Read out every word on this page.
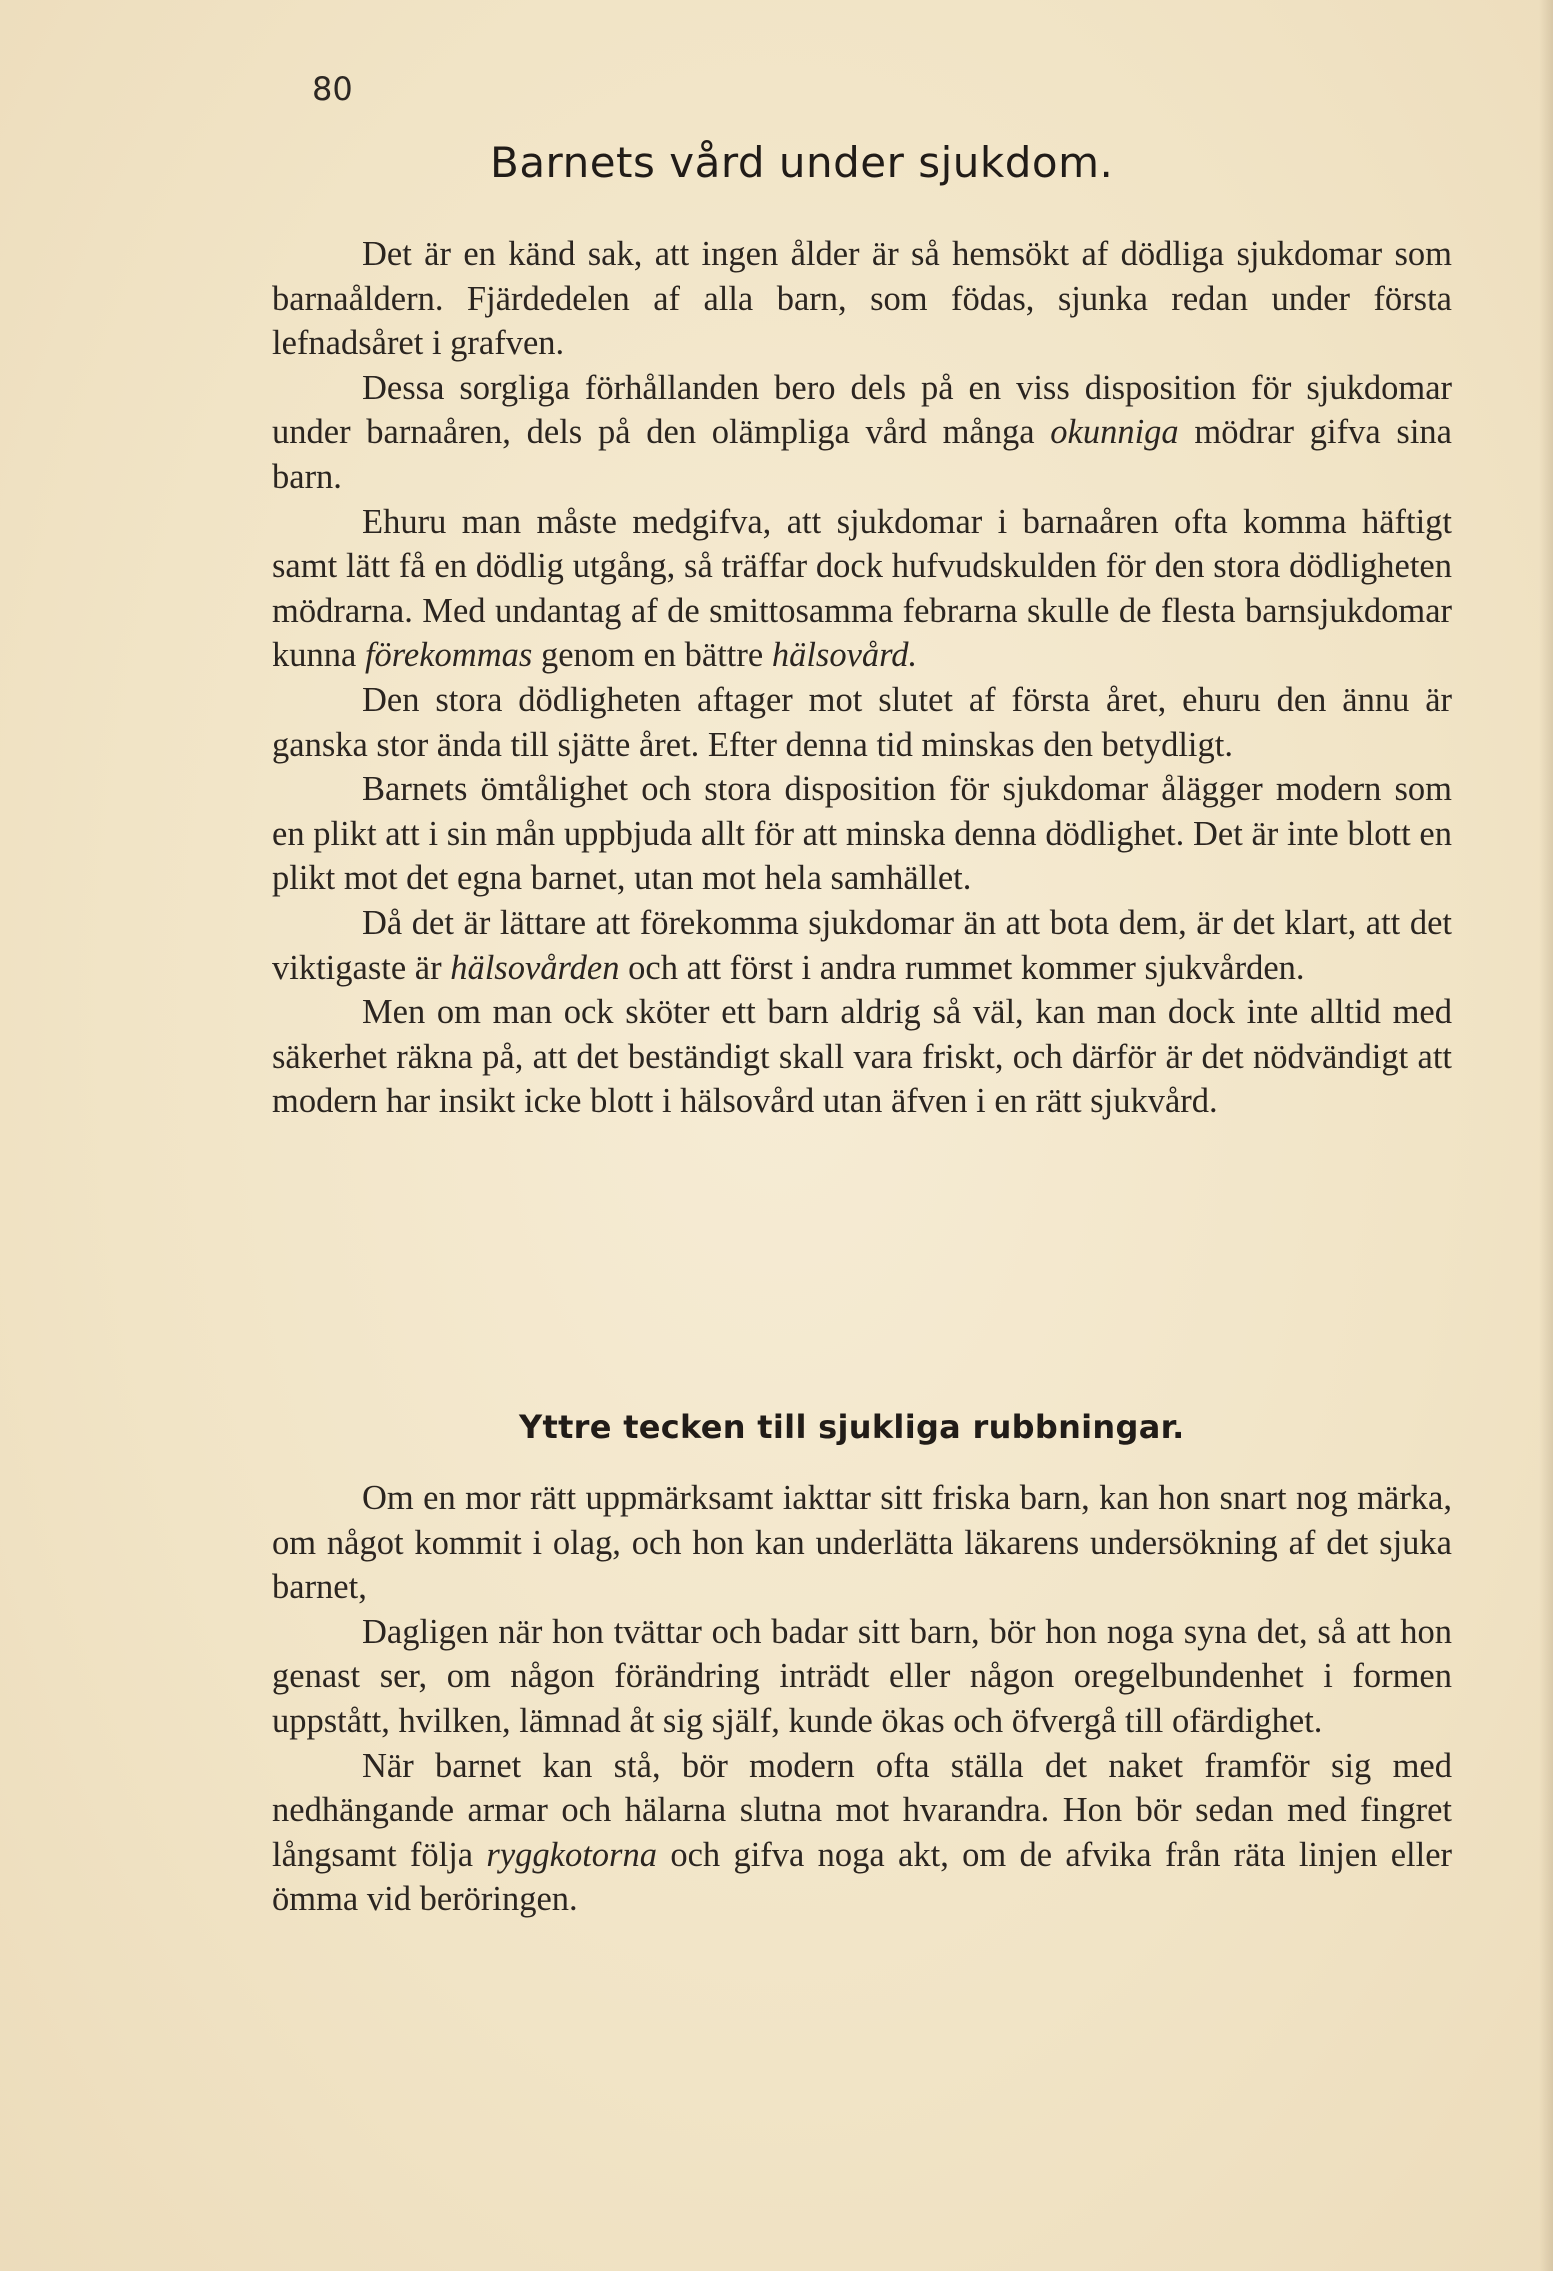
80
Barnets vård under sjukdom.

Det är en känd sak, att ingen ålder är så hemsökt af dödliga sjukdomar som barnaåldern. Fjärdedelen af alla barn, som födas, sjunka redan under första lefnadsåret i grafven.

Dessa sorgliga förhållanden bero dels på en viss disposition för sjukdomar under barnaåren, dels på den olämpliga vård många okunniga mödrar gifva sina barn.

Ehuru man måste medgifva, att sjukdomar i barnaåren ofta komma häftigt samt lätt få en dödlig utgång, så träffar dock hufvudskulden för den stora dödligheten mödrarna. Med undantag af de smittosamma febrarna skulle de flesta barnsjukdomar kunna förekommas genom en bättre hälsovård.

Den stora dödligheten aftager mot slutet af första året, ehuru den ännu är ganska stor ända till sjätte året. Efter denna tid minskas den betydligt.

Barnets ömtålighet och stora disposition för sjukdomar ålägger modern som en plikt att i sin mån uppbjuda allt för att minska denna dödlighet. Det är inte blott en plikt mot det egna barnet, utan mot hela samhället.

Då det är lättare att förekomma sjukdomar än att bota dem, är det klart, att det viktigaste är hälsovården och att först i andra rummet kommer sjukvården.

Men om man ock sköter ett barn aldrig så väl, kan man dock inte alltid med säkerhet räkna på, att det beständigt skall vara friskt, och därför är det nödvändigt att modern har insikt icke blott i hälsovård utan äfven i en rätt sjukvård.

Yttre tecken till sjukliga rubbningar.

Om en mor rätt uppmärksamt iakttar sitt friska barn, kan hon snart nog märka, om något kommit i olag, och hon kan underlätta läkarens undersökning af det sjuka barnet,

Dagligen när hon tvättar och badar sitt barn, bör hon noga syna det, så att hon genast ser, om någon förändring inträdt eller någon oregelbundenhet i formen uppstått, hvilken, lämnad åt sig själf, kunde ökas och öfvergå till ofärdighet.

När barnet kan stå, bör modern ofta ställa det naket framför sig med nedhängande armar och hälarna slutna mot hvarandra. Hon bör sedan med fingret långsamt följa ryggkotorna och gifva noga akt, om de afvika från räta linjen eller ömma vid beröringen.
